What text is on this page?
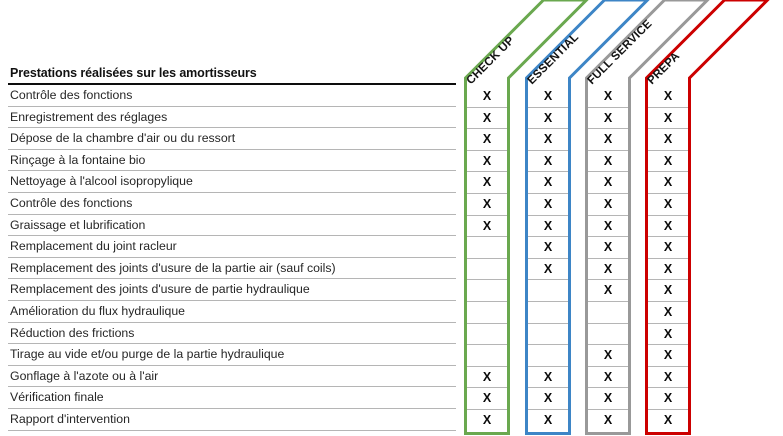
CHECK UP ESSENTIAL FULL SERVICE
PREPA
Prestations réalisées sur les amortisseurs
Contrôle des fonctions
Enregistrement des réglages
Dépose de la chambre d'air ou du ressort
Rinçage à la fontaine bio
Nettoyage à l'alcool isopropylique
Contrôle des fonctions
Graissage et lubrification
Remplacement du joint racleur
Remplacement des joints d'usure de la partie air (sauf coils)
Remplacement des joints d'usure de partie hydraulique
Amélioration du flux hydraulique
Réduction des frictions
Tirage au vide et/ou purge de la partie hydraulique
Gonflage à l'azote ou à l'air
Vérification finale
Rapport d'intervention
X
X
X
X
X
X
X
X
X
X
X
X
X
X
X
X
X
X
X
X
X
X
X
X
X
X
X
X
X
X
X
X
X
X
X
X
X
X
X
X
X
X
X
X
X
X
X
X
X
X
X
X
